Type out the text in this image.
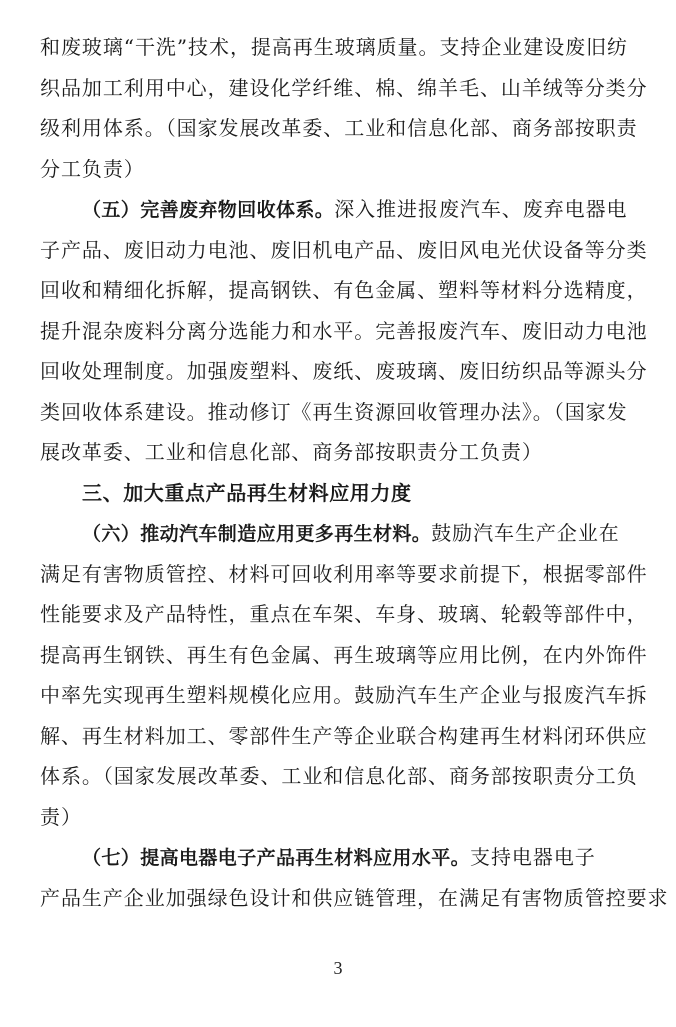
和废玻璃“干洗”技术，提高再生玻璃质量。支持企业建设废旧纺
织品加工利用中心，建设化学纤维、棉、绵羊毛、山羊绒等分类分
级利用体系。（国家发展改革委、工业和信息化部、商务部按职责
分工负责）
（五）完善废弃物回收体系。深入推进报废汽车、废弃电器电
子产品、废旧动力电池、废旧机电产品、废旧风电光伏设备等分类
回收和精细化拆解，提高钢铁、有色金属、塑料等材料分选精度，
提升混杂废料分离分选能力和水平。完善报废汽车、废旧动力电池
回收处理制度。加强废塑料、废纸、废玻璃、废旧纺织品等源头分
类回收体系建设。推动修订《再生资源回收管理办法》。（国家发
展改革委、工业和信息化部、商务部按职责分工负责）
三、加大重点产品再生材料应用力度
（六）推动汽车制造应用更多再生材料。鼓励汽车生产企业在
满足有害物质管控、材料可回收利用率等要求前提下，根据零部件
性能要求及产品特性，重点在车架、车身、玻璃、轮毂等部件中，
提高再生钢铁、再生有色金属、再生玻璃等应用比例，在内外饰件
中率先实现再生塑料规模化应用。鼓励汽车生产企业与报废汽车拆
解、再生材料加工、零部件生产等企业联合构建再生材料闭环供应
体系。（国家发展改革委、工业和信息化部、商务部按职责分工负
责）
（七）提高电器电子产品再生材料应用水平。支持电器电子
产品生产企业加强绿色设计和供应链管理，在满足有害物质管控要求
3
